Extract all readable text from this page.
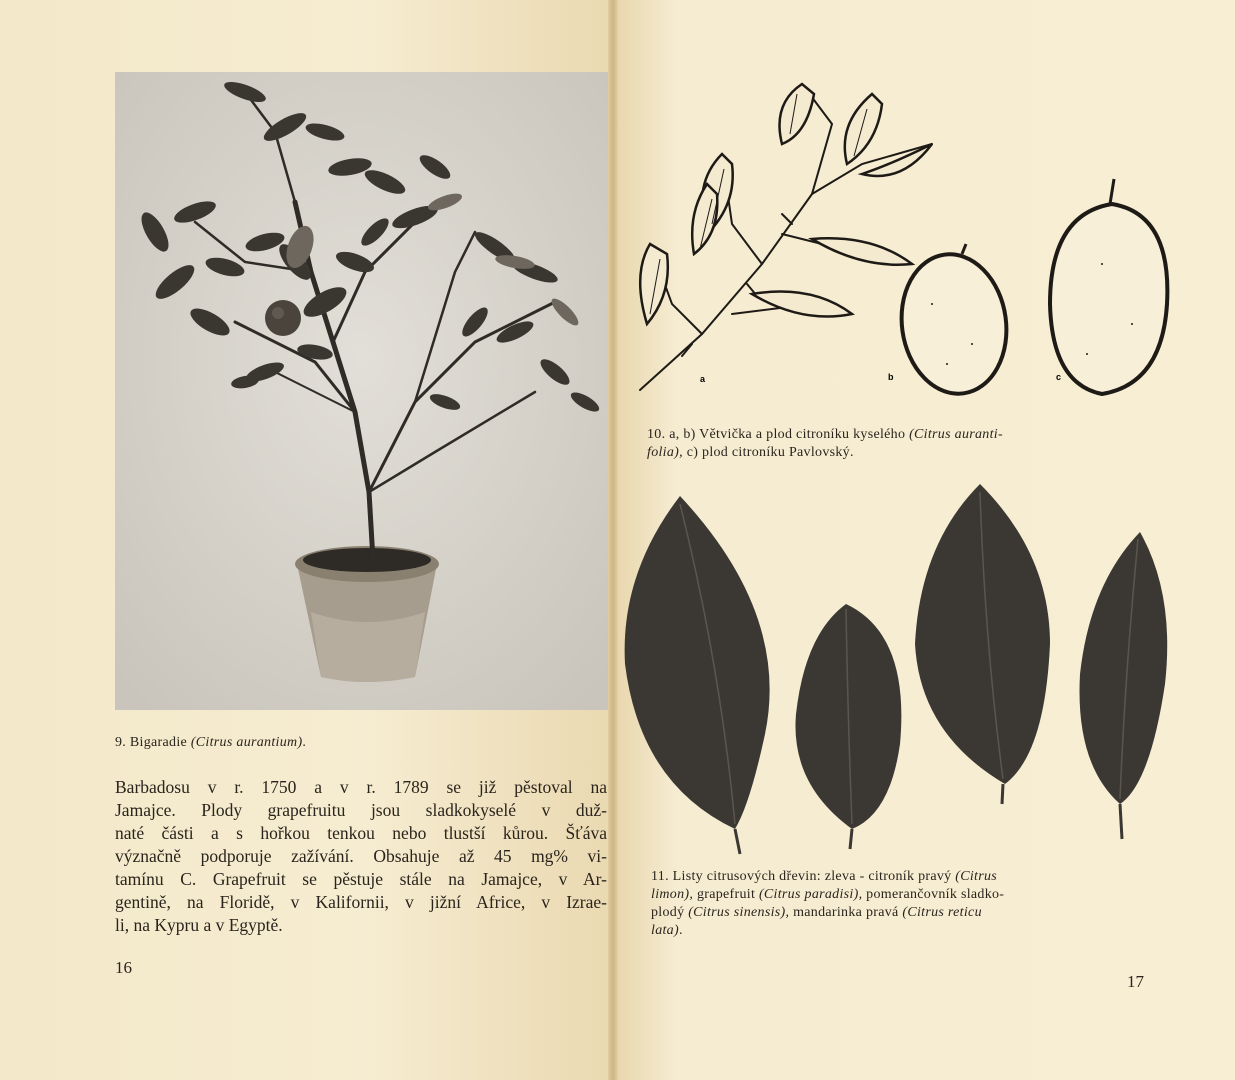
9. Bigaradie (Citrus aurantium).
Barbadosu v r. 1750 a v r. 1789 se již pěstoval na
Jamajce. Plody grapefruitu jsou sladkokyselé v duž-
naté části a s hořkou tenkou nebo tlustší kůrou. Šťáva
význačně podporuje zažívání. Obsahuje až 45 mg% vi-
tamínu C. Grapefruit se pěstuje stále na Jamajce, v Ar-
gentině, na Floridě, v Kalifornii, v jižní Africe, v Izrae-
li, na Kypru a v Egyptě.
16
a	b	c
10. a, b) Větvička a plod citroníku kyselého (Citrus auranti-
folia), c) plod citroníku Pavlovský.
11. Listy citrusových dřevin: zleva - citroník pravý (Citrus
limon), grapefruit (Citrus paradisi), pomerančovník sladko-
plodý (Citrus sinensis), mandarinka pravá (Citrus reticu
lata).
17
